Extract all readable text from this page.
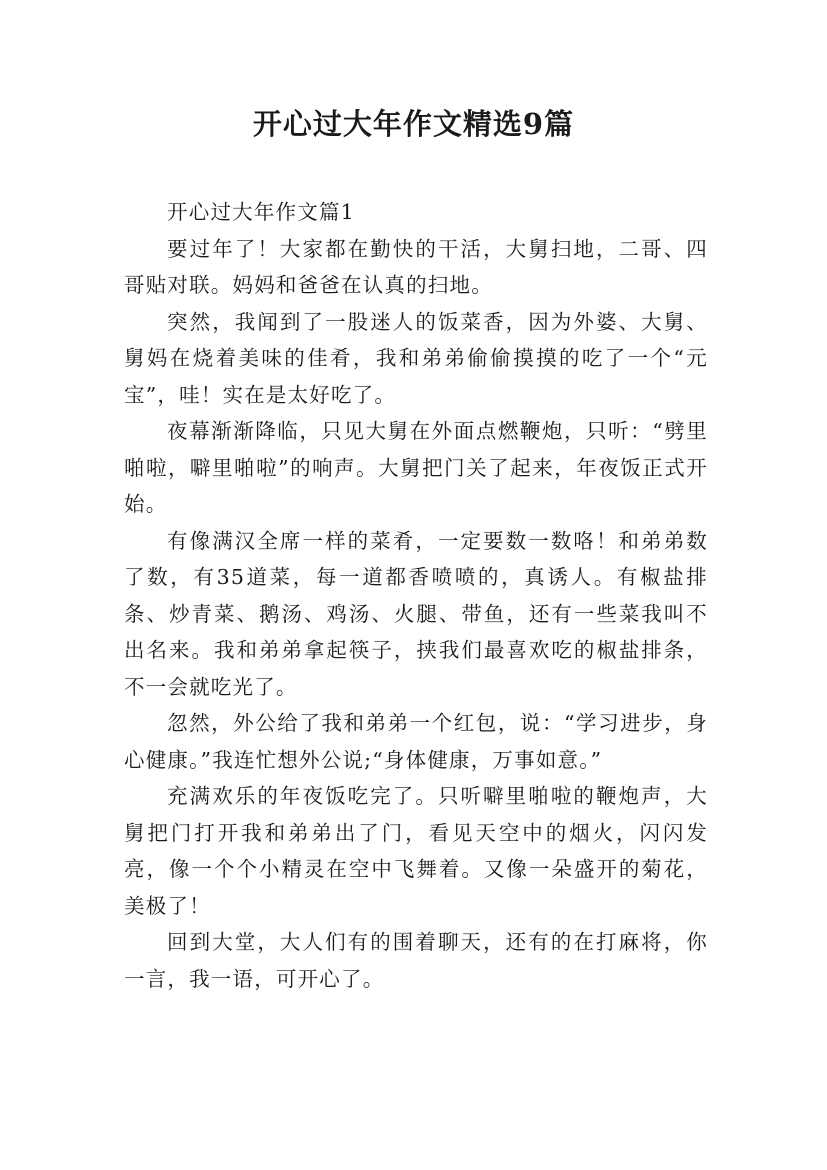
开心过大年作文精选9篇

开心过大年作文篇1

要过年了！大家都在勤快的干活，大舅扫地，二哥、四哥贴对联。妈妈和爸爸在认真的扫地。

突然，我闻到了一股迷人的饭菜香，因为外婆、大舅、舅妈在烧着美味的佳肴，我和弟弟偷偷摸摸的吃了一个“元宝”，哇！实在是太好吃了。

夜幕渐渐降临，只见大舅在外面点燃鞭炮，只听：“劈里啪啦，噼里啪啦”的响声。大舅把门关了起来，年夜饭正式开始。

有像满汉全席一样的菜肴，一定要数一数咯！和弟弟数了数，有35道菜，每一道都香喷喷的，真诱人。有椒盐排条、炒青菜、鹅汤、鸡汤、火腿、带鱼，还有一些菜我叫不出名来。我和弟弟拿起筷子，挟我们最喜欢吃的椒盐排条，不一会就吃光了。

忽然，外公给了我和弟弟一个红包，说：“学习进步，身心健康。”我连忙想外公说;“身体健康，万事如意。”

充满欢乐的年夜饭吃完了。只听噼里啪啦的鞭炮声，大舅把门打开我和弟弟出了门，看见天空中的烟火，闪闪发亮，像一个个小精灵在空中飞舞着。又像一朵盛开的菊花，美极了！

回到大堂，大人们有的围着聊天，还有的在打麻将，你一言，我一语，可开心了。
